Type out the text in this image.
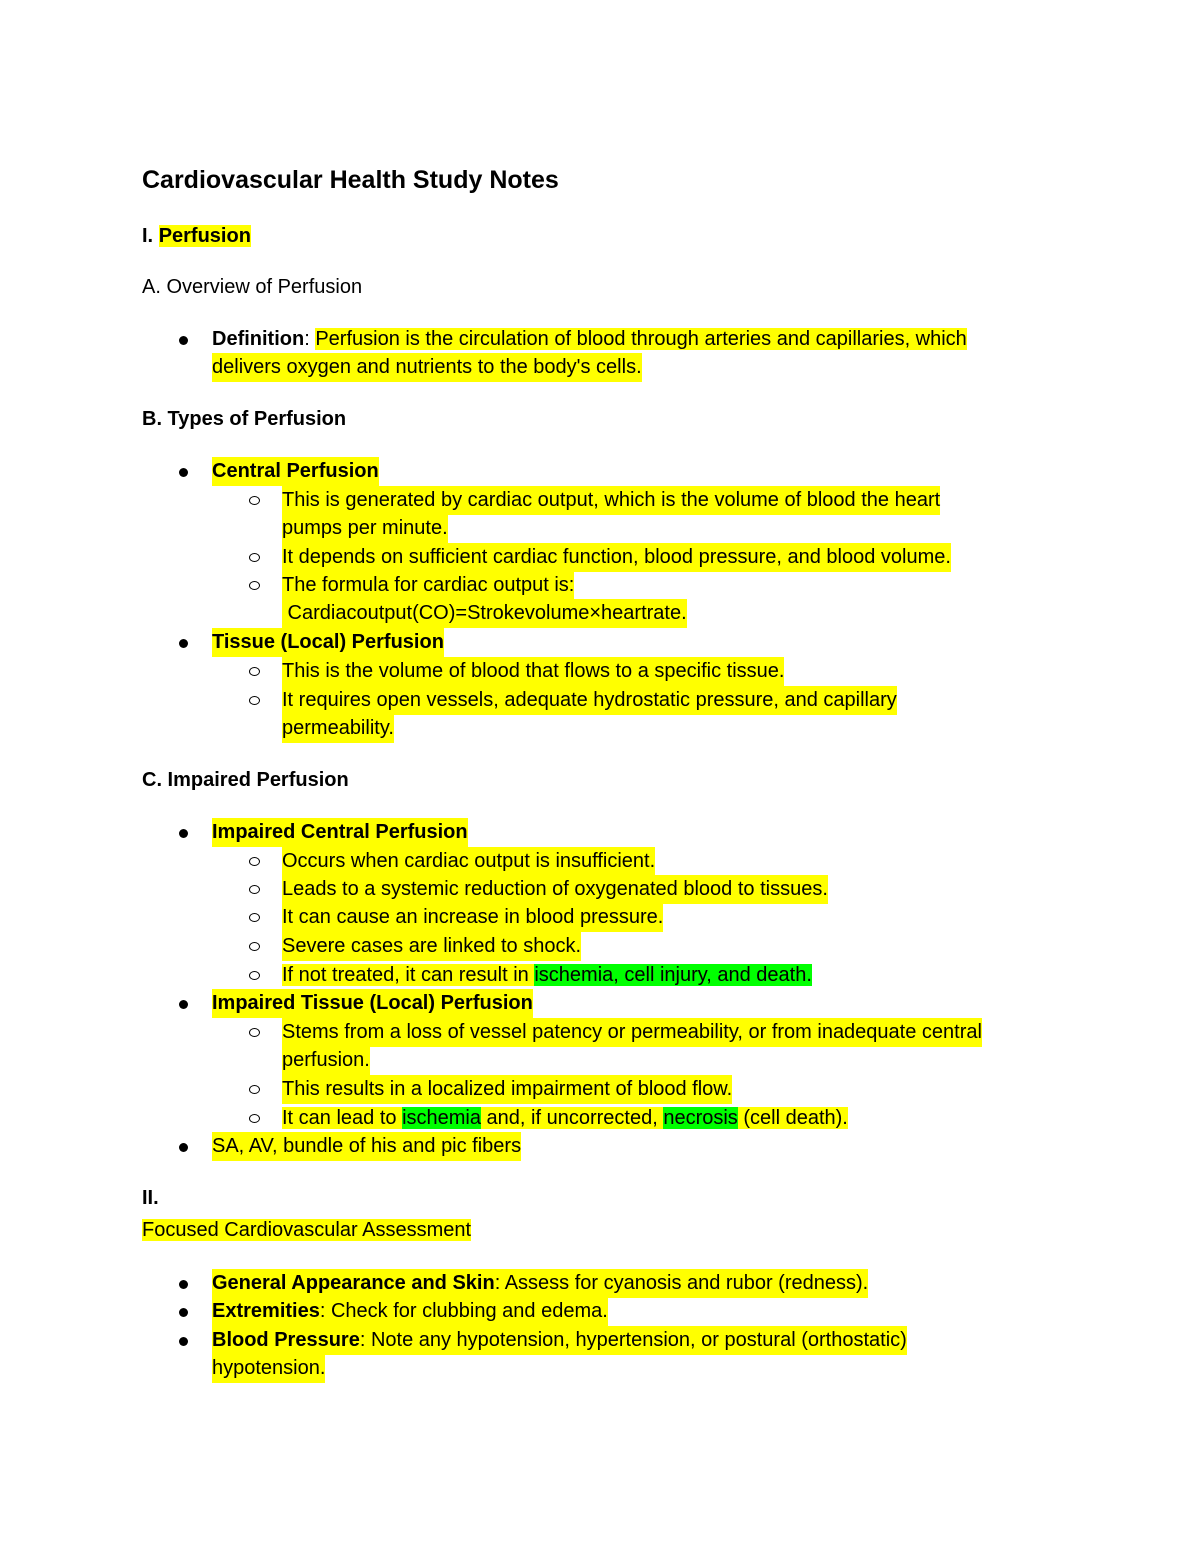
Cardiovascular Health Study Notes
I. Perfusion
A. Overview of Perfusion
Definition: Perfusion is the circulation of blood through arteries and capillaries, which
delivers oxygen and nutrients to the body's cells.
B. Types of Perfusion
Central Perfusion
This is generated by cardiac output, which is the volume of blood the heart
pumps per minute.
It depends on sufficient cardiac function, blood pressure, and blood volume.
The formula for cardiac output is:
Cardiacoutput(CO)=Strokevolume×heartrate.
Tissue (Local) Perfusion
This is the volume of blood that flows to a specific tissue.
It requires open vessels, adequate hydrostatic pressure, and capillary
permeability.
C. Impaired Perfusion
Impaired Central Perfusion
Occurs when cardiac output is insufficient.
Leads to a systemic reduction of oxygenated blood to tissues.
It can cause an increase in blood pressure.
Severe cases are linked to shock.
If not treated, it can result in ischemia, cell injury, and death.
Impaired Tissue (Local) Perfusion
Stems from a loss of vessel patency or permeability, or from inadequate central
perfusion.
This results in a localized impairment of blood flow.
It can lead to ischemia and, if uncorrected, necrosis (cell death).
SA, AV, bundle of his and pic fibers
II.
Focused Cardiovascular Assessment
General Appearance and Skin: Assess for cyanosis and rubor (redness).
Extremities: Check for clubbing and edema.
Blood Pressure: Note any hypotension, hypertension, or postural (orthostatic)
hypotension.
